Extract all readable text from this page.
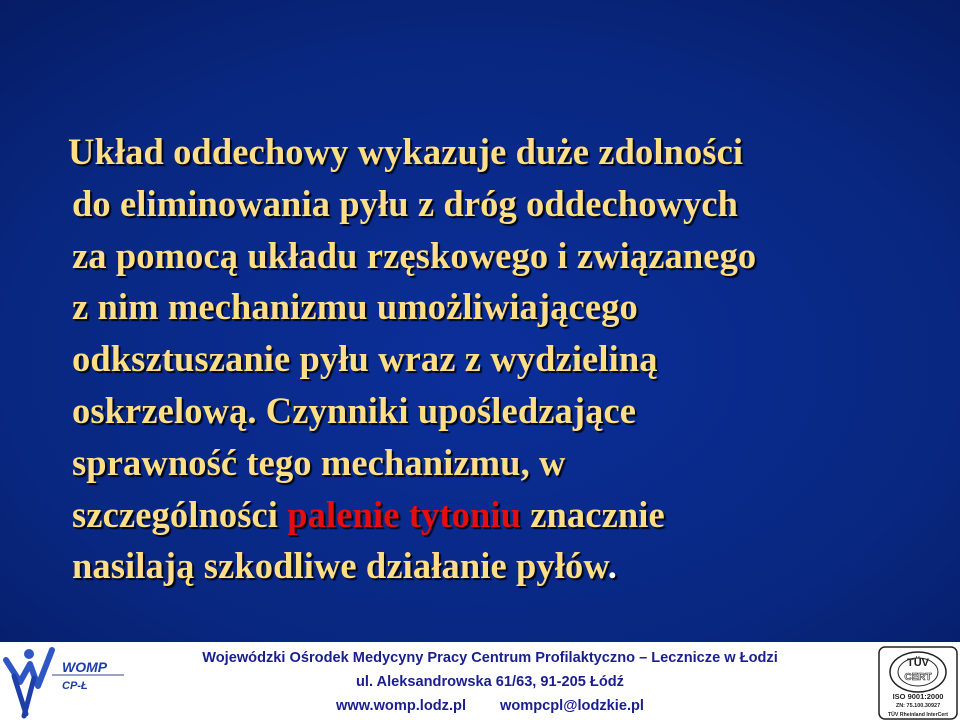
Układ oddechowy wykazuje duże zdolności
do eliminowania pyłu z dróg oddechowych
za pomocą układu rzęskowego i związanego
z nim mechanizmu umożliwiającego
odksztuszanie pyłu wraz z wydzieliną
oskrzelową. Czynniki upośledzające
sprawność tego mechanizmu, w
szczególności palenie tytoniu znacznie
nasilają szkodliwe działanie pyłów.
WOMP
CP-Ł
Wojewódzki Ośrodek Medycyny Pracy Centrum Profilaktyczno – Lecznicze w Łodzi
ul. Aleksandrowska 61/63, 91-205 Łódź
www.womp.lodz.pl wompcpl@lodzkie.pl
TÜV
CERT
ISO 9001:2000
ZN: 75.100.30927
TÜV Rheinland InterCert
